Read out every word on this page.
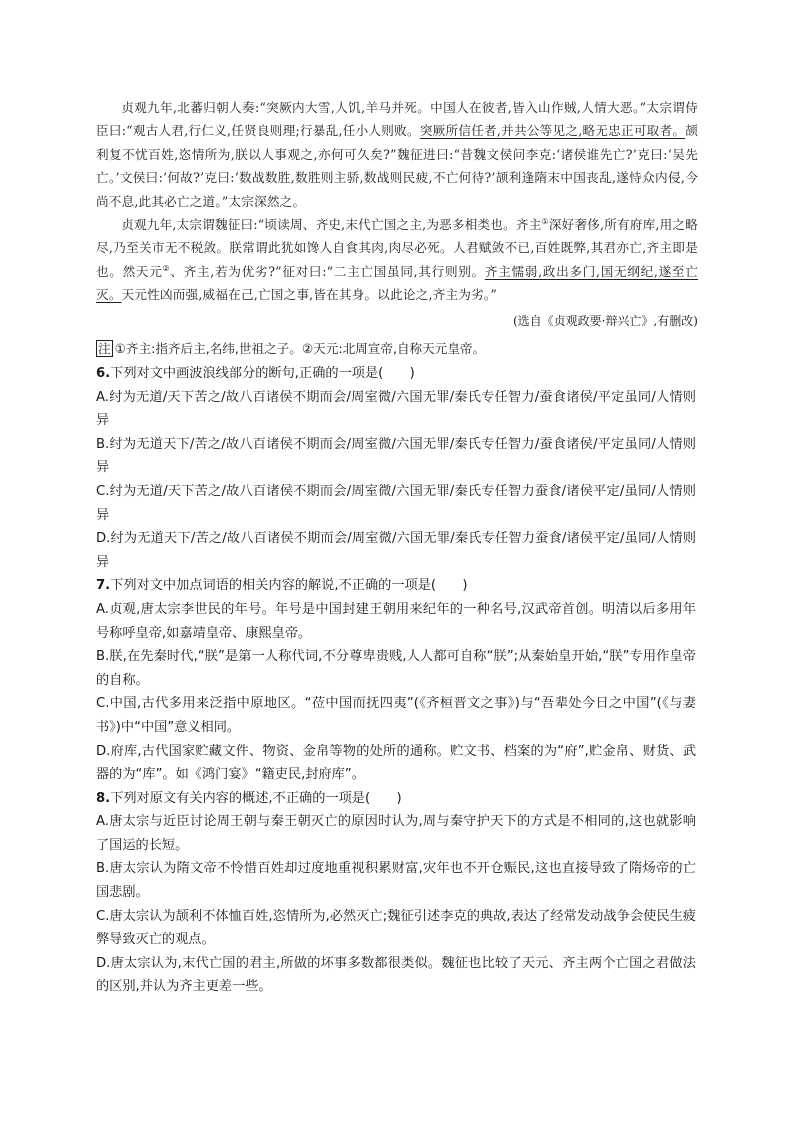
贞观九年,北蕃归朝人奏:“突厥内大雪,人饥,羊马并死。中国人在彼者,皆入山作贼,人情大恶。”太宗谓侍臣曰:“观古人君,行仁义,任贤良则理;行暴乱,任小人则败。突厥所信任者,并共公等见之,略无忠正可取者。颉利复不忧百姓,恣情所为,朕以人事观之,亦何可久矣?”魏征进曰:“昔魏文侯问李克:‘诸侯谁先亡?’克曰:‘吴先亡。’文侯曰:‘何故?’克曰:‘数战数胜,数胜则主骄,数战则民疲,不亡何待?’颉利逢隋末中国丧乱,遂恃众内侵,今尚不息,此其必亡之道。”太宗深然之。

贞观九年,太宗谓魏征曰:“顷读周、齐史,末代亡国之主,为恶多相类也。齐主①深好奢侈,所有府库,用之略尽,乃至关市无不税敛。朕常谓此犹如馋人自食其肉,肉尽必死。人君赋敛不已,百姓既弊,其君亦亡,齐主即是也。然天元②、齐主,若为优劣?”征对曰:“二主亡国虽同,其行则别。齐主懦弱,政出多门,国无纲纪,遂至亡灭。天元性凶而强,威福在己,亡国之事,皆在其身。以此论之,齐主为劣。”

(选自《贞观政要·辩兴亡》,有删改)
注 ①齐主:指齐后主,名纬,世祖之子。②天元:北周宣帝,自称天元皇帝。
6.下列对文中画波浪线部分的断句,正确的一项是(　　)
A.纣为无道/天下苦之/故八百诸侯不期而会/周室微/六国无罪/秦氏专任智力/蚕食诸侯/平定虽同/人情则异
B.纣为无道天下/苦之/故八百诸侯不期而会/周室微/六国无罪/秦氏专任智力/蚕食诸侯/平定虽同/人情则异
C.纣为无道/天下苦之/故八百诸侯不期而会/周室微/六国无罪/秦氏专任智力蚕食/诸侯平定/虽同/人情则异
D.纣为无道天下/苦之/故八百诸侯不期而会/周室微/六国无罪/秦氏专任智力蚕食/诸侯平定/虽同/人情则异
7.下列对文中加点词语的相关内容的解说,不正确的一项是(　　)
A.贞观,唐太宗李世民的年号。年号是中国封建王朝用来纪年的一种名号,汉武帝首创。明清以后多用年号称呼皇帝,如嘉靖皇帝、康熙皇帝。
B.朕,在先秦时代,“朕”是第一人称代词,不分尊卑贵贱,人人都可自称“朕”;从秦始皇开始,“朕”专用作皇帝的自称。
C.中国,古代多用来泛指中原地区。“莅中国而抚四夷”(《齐桓晋文之事》)与“吾辈处今日之中国”(《与妻书》)中“中国”意义相同。
D.府库,古代国家贮藏文件、物资、金帛等物的处所的通称。贮文书、档案的为“府”,贮金帛、财货、武器的为“库”。如《鸿门宴》“籍吏民,封府库”。
8.下列对原文有关内容的概述,不正确的一项是(　　)
A.唐太宗与近臣讨论周王朝与秦王朝灭亡的原因时认为,周与秦守护天下的方式是不相同的,这也就影响了国运的长短。
B.唐太宗认为隋文帝不怜惜百姓却过度地重视积累财富,灾年也不开仓赈民,这也直接导致了隋炀帝的亡国悲剧。
C.唐太宗认为颉利不体恤百姓,恣情所为,必然灭亡;魏征引述李克的典故,表达了经常发动战争会使民生疲弊导致灭亡的观点。
D.唐太宗认为,末代亡国的君主,所做的坏事多数都很类似。魏征也比较了天元、齐主两个亡国之君做法的区别,并认为齐主更差一些。
